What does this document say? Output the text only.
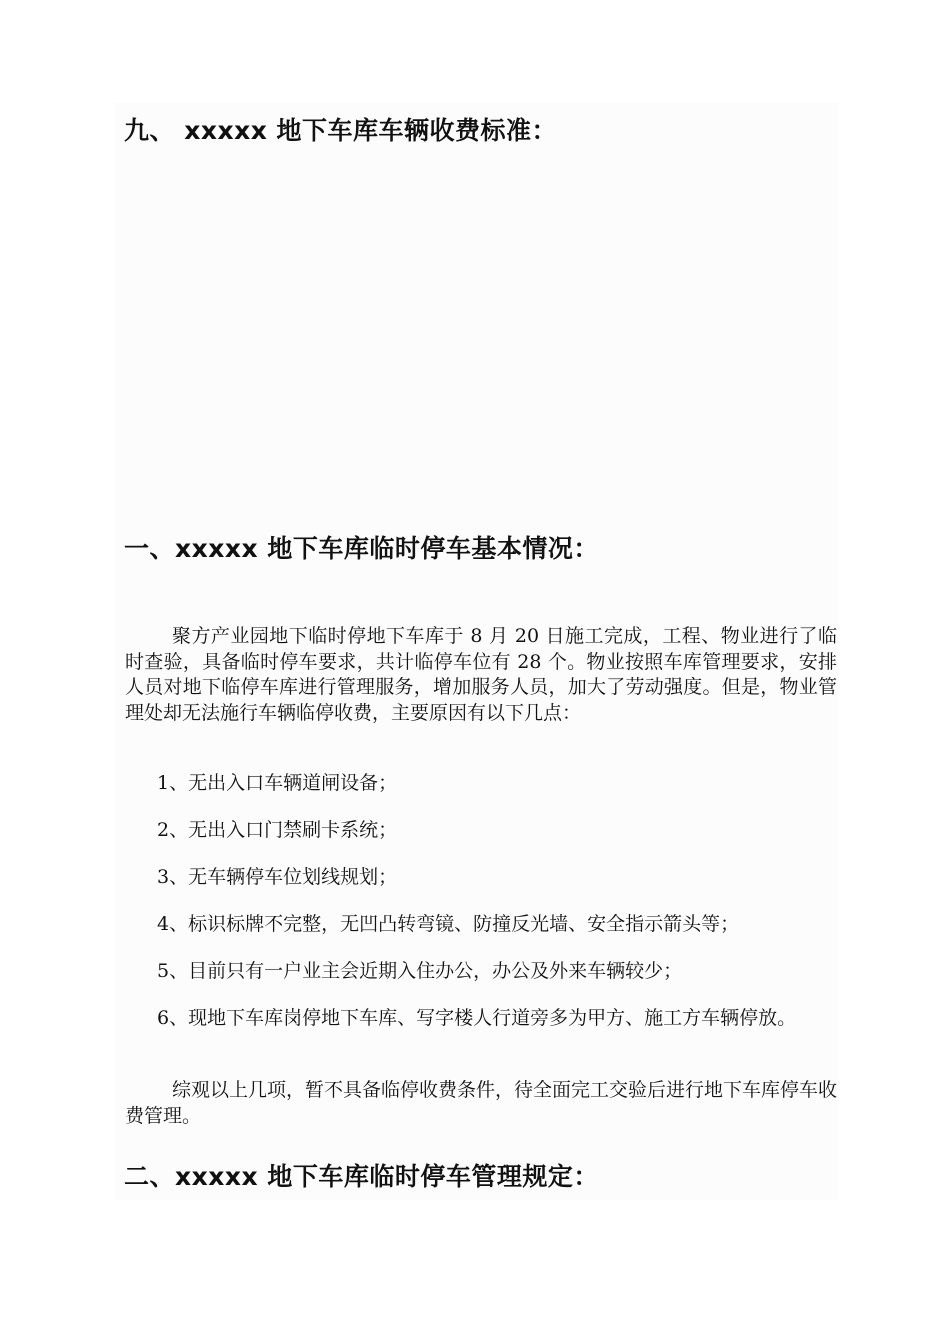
九、 xxxxx 地下车库车辆收费标准：
一、xxxxx 地下车库临时停车基本情况：
聚方产业园地下临时停地下车库于 8 月 20 日施工完成，工程、物业进行了临时查验，具备临时停车要求，共计临停车位有 28 个。物业按照车库管理要求，安排人员对地下临停车库进行管理服务，增加服务人员，加大了劳动强度。但是，物业管理处却无法施行车辆临停收费，主要原因有以下几点：
1、无出入口车辆道闸设备；
2、无出入口门禁刷卡系统；
3、无车辆停车位划线规划；
4、标识标牌不完整，无凹凸转弯镜、防撞反光墙、安全指示箭头等；
5、目前只有一户业主会近期入住办公，办公及外来车辆较少；
6、现地下车库岗停地下车库、写字楼人行道旁多为甲方、施工方车辆停放。
综观以上几项，暂不具备临停收费条件，待全面完工交验后进行地下车库停车收费管理。
二、xxxxx 地下车库临时停车管理规定：
